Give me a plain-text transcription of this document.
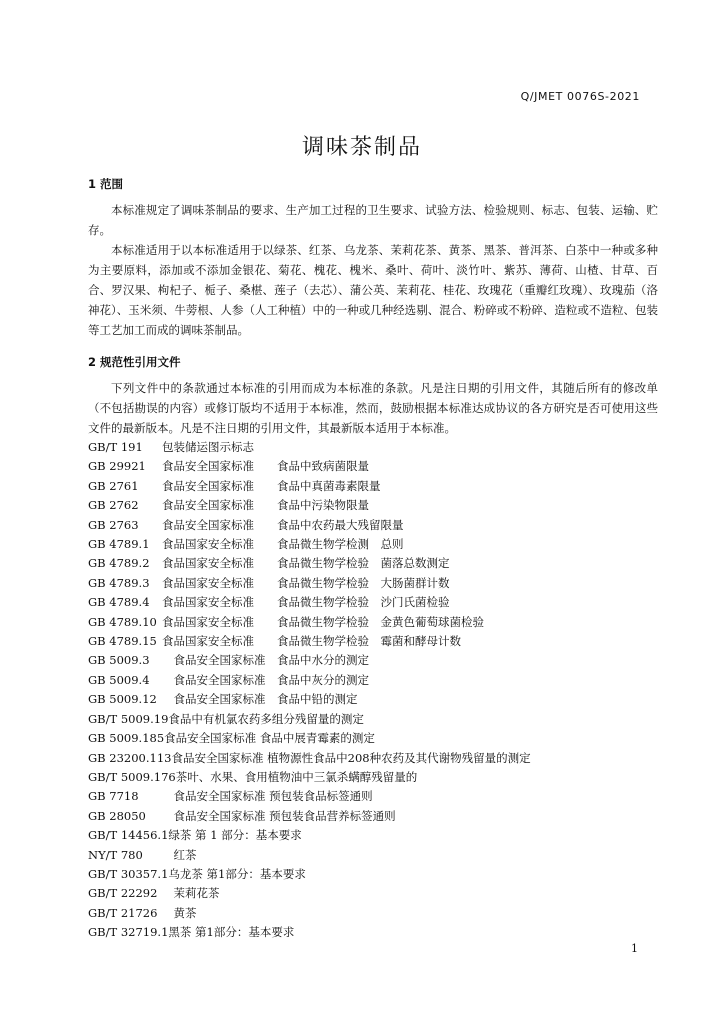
Q/JMET 0076S-2021
调味茶制品
1 范围

本标准规定了调味茶制品的要求、生产加工过程的卫生要求、试验方法、检验规则、标志、包装、运输、贮存。

本标准适用于以本标准适用于以绿茶、红茶、乌龙茶、茉莉花茶、黄茶、黑茶、普洱茶、白茶中一种或多种为主要原料，添加或不添加金银花、菊花、槐花、槐米、桑叶、荷叶、淡竹叶、紫苏、薄荷、山楂、甘草、百合、罗汉果、枸杞子、栀子、桑椹、莲子（去芯）、蒲公英、茉莉花、桂花、玫瑰花（重瓣红玫瑰）、玫瑰茄（洛神花）、玉米须、牛蒡根、人参（人工种植）中的一种或几种经选剔、混合、粉碎或不粉碎、造粒或不造粒、包装等工艺加工而成的调味茶制品。

2 规范性引用文件

下列文件中的条款通过本标准的引用而成为本标准的条款。凡是注日期的引用文件，其随后所有的修改单（不包括勘误的内容）或修订版均不适用于本标准，然而，鼓励根据本标准达成协议的各方研究是否可使用这些文件的最新版本。凡是不注日期的引用文件，其最新版本适用于本标准。

GB/T 191 包装储运图示标志
GB 29921 食品安全国家标准　　食品中致病菌限量
GB 2761 食品安全国家标准　　食品中真菌毒素限量
GB 2762 食品安全国家标准　　食品中污染物限量
GB 2763 食品安全国家标准　　食品中农药最大残留限量
GB 4789.1 食品国家安全标准　　食品微生物学检测　总则
GB 4789.2 食品国家安全标准　　食品微生物学检验　菌落总数测定
GB 4789.3 食品国家安全标准　　食品微生物学检验　大肠菌群计数
GB 4789.4 食品国家安全标准　　食品微生物学检验　沙门氏菌检验
GB 4789.10 食品国家安全标准　　食品微生物学检验　金黄色葡萄球菌检验
GB 4789.15 食品国家安全标准　　食品微生物学检验　霉菌和酵母计数
GB 5009.3　食品安全国家标准　食品中水分的测定
GB 5009.4　食品安全国家标准　食品中灰分的测定
GB 5009.12　食品安全国家标准　食品中铅的测定
GB/T 5009.19食品中有机氯农药多组分残留量的测定
GB 5009.185食品安全国家标准 食品中展青霉素的测定
GB 23200.113食品安全国家标准 植物源性食品中208种农药及其代谢物残留量的测定
GB/T 5009.176茶叶、水果、食用植物油中三氯杀螨醇残留量的
GB 7718　食品安全国家标准 预包装食品标签通则
GB 28050　食品安全国家标准 预包装食品营养标签通则
GB/T 14456.1绿茶 第 1 部分：基本要求
NY/T 780　红茶
GB/T 30357.1乌龙茶 第1部分：基本要求
GB/T 22292　茉莉花茶
GB/T 21726　黄茶
GB/T 32719.1黑茶 第1部分：基本要求
1
